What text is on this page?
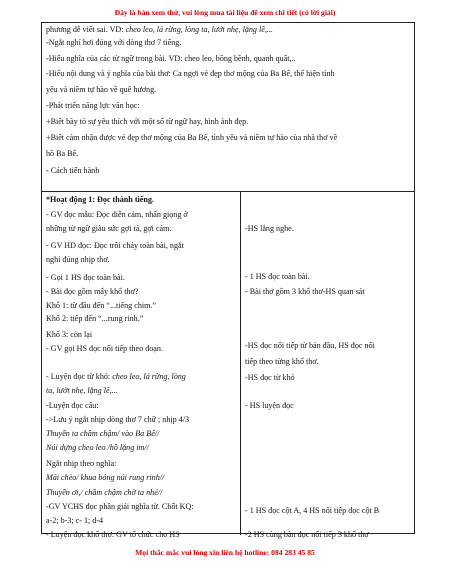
Đây là bản xem thử, vui lòng mua tài liệu để xem chi tiết (có lời giải)
phương dễ viết sai. VD: cheo leo, lá rừng, lòng ta, lướt nhẹ, lặng lẽ,...
-Ngắt nghỉ hơi đúng với dòng thơ 7 tiếng.
-Hiểu nghĩa của các từ ngữ trong bài. VD: cheo leo, bồng bềnh, quanh quất,..
-Hiểu nội dung và ý nghĩa của bài thơ: Ca ngợi vẻ đẹp thơ mộng của Ba Bể, thể hiện tình
yêu và niềm tự hào về quê hương.
-Phát triển năng lực văn học:
+Biết bày tỏ sự yêu thích với một số từ ngữ hay, hình ảnh đẹp.
+Biết cảm nhận được vẻ đẹp thơ mộng của Ba Bể, tình yêu và niềm tự hào của nhà thơ về
hồ Ba Bể.
- Cách tiến hành
*Hoạt động 1: Đọc thành tiếng.
- GV đọc mẫu: Đọc diễn cảm, nhấn giọng ở
những từ ngữ giàu sức gợi tả, gợi cảm.
- GV HD đọc: Đọc trôi chảy toàn bài, ngắt
nghỉ đúng nhịp thơ.
- Gọi 1 HS đọc toàn bài.
- Bài đọc gồm mấy khổ thơ?
Khổ 1: từ đầu đến “...tiếng chim.”
Khổ 2: tiếp đến “...rung rinh.”
Khổ 3: còn lại
- GV gọi HS đọc nối tiếp theo đoạn.
- Luyện đọc từ khó: cheo leo, lá rừng, lòng
ta, lướt nhẹ, lặng lẽ,...
-Luyện đọc câu:
->Lưu ý ngắt nhịp dòng thơ 7 chữ ; nhịp 4/3
Thuyền ta chầm chậm/ vào Ba Bể//
Núi dựng cheo leo /hồ lặng im//
Ngắt nhịp theo nghĩa:
Mái chèo/ khua bóng núi rung rinh//
Thuyền ơi,/ chầm chậm chờ ta nhé//
-GV YCHS đọc phần giải nghĩa từ. Chốt KQ:
a-2; b-3; c- 1; d-4
- Luyện đọc khổ thơ: GV tổ chức cho HS
-HS lắng nghe.
- 1 HS đọc toàn bài.
- Bài thơ gồm 3 khổ thơ-HS quan sát
-HS đọc nối tiếp từ bản đầu, HS đọc nối
tiếp theo từng khổ thơ.
-HS đọc từ khó
- HS luyện đọc
- 1 HS đọc cột A, 4 HS nối tiếp đọc cột B
-2 HS cùng bàn đọc nối tiếp 3 khổ thơ
Mọi thắc mắc vui lòng xin liên hệ hotline: 084 283 45 85
